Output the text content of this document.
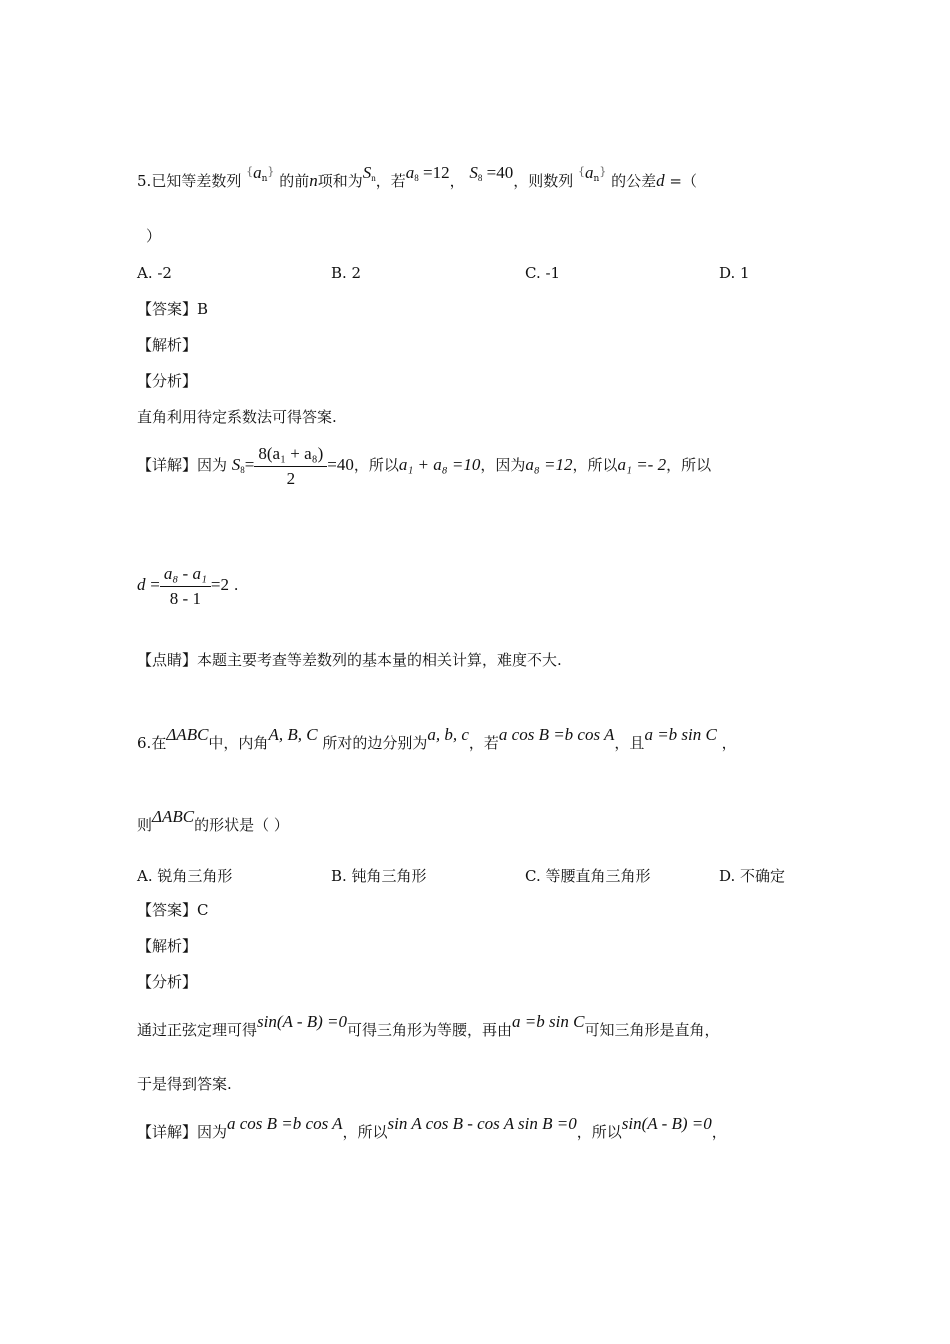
5.已知等差数列 $^{\{}a_n^{\}}$ 的前n项和为$S_n$，若$a_8 =12$， $S_8 =40$，则数列 $^{\{}a_n^{\}}$ 的公差d =（
）
A. -2	B. 2	C. -1	D. 1
【答案】B
【解析】
【分析】
直角利用待定系数法可得答案.
【详解】因为 $S_8= \frac{\text{8(a₁ + a₈)}}{2} =40$，所以a₁ + a₈ =10，因为a₈ =12，所以a₁ =- 2，所以
$d = \frac{\text{a₈ - a₁}}{8 - 1} =2$ .
【点睛】本题主要考查等差数列的基本量的相关计算，难度不大.
6.在ΔABC中，内角A, B, C 所对的边分别为a, b, c，若a cos B =b cos A，且a =b sin C ，
则ΔABC的形状是（ ）
A. 锐角三角形	B. 钝角三角形	C. 等腰直角三角形	D. 不确定
【答案】C
【解析】
【分析】
通过正弦定理可得sin(A - B) =0可得三角形为等腰，再由a =b sin C可知三角形是直角，
于是得到答案.
【详解】因为a cos B =b cos A，所以sin A cos B - cos A sin B =0，所以sin(A - B) =0，
